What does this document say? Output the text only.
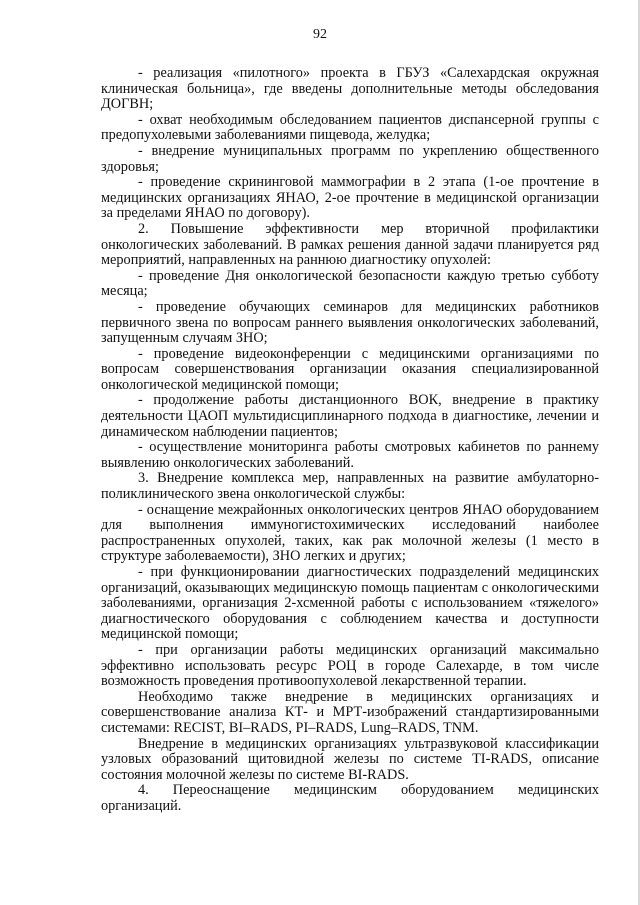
92

- реализация «пилотного» проекта в ГБУЗ «Салехардская окружная клиническая больница», где введены дополнительные методы обследования ДОГВН;

- охват необходимым обследованием пациентов диспансерной группы с предопухолевыми заболеваниями пищевода, желудка;

- внедрение муниципальных программ по укреплению общественного здоровья;

- проведение скрининговой маммографии в 2 этапа (1-ое прочтение в медицинских организациях ЯНАО, 2-ое прочтение в медицинской организации за пределами ЯНАО по договору).

2. Повышение эффективности мер вторичной профилактики онкологических заболеваний. В рамках решения данной задачи планируется ряд мероприятий, направленных на раннюю диагностику опухолей:

- проведение Дня онкологической безопасности каждую третью субботу месяца;

- проведение обучающих семинаров для медицинских работников первичного звена по вопросам раннего выявления онкологических заболеваний, запущенным случаям ЗНО;

- проведение видеоконференции с медицинскими организациями по вопросам совершенствования организации оказания специализированной онкологической медицинской помощи;

- продолжение работы дистанционного ВОК, внедрение в практику деятельности ЦАОП мультидисциплинарного подхода в диагностике, лечении и динамическом наблюдении пациентов;

- осуществление мониторинга работы смотровых кабинетов по раннему выявлению онкологических заболеваний.

3. Внедрение комплекса мер, направленных на развитие амбулаторно-поликлинического звена онкологической службы:

- оснащение межрайонных онкологических центров ЯНАО оборудованием для выполнения иммуногистохимических исследований наиболее распространенных опухолей, таких, как рак молочной железы (1 место в структуре заболеваемости), ЗНО легких и других;

- при функционировании диагностических подразделений медицинских организаций, оказывающих медицинскую помощь пациентам с онкологическими заболеваниями, организация 2-хсменной работы с использованием «тяжелого» диагностического оборудования с соблюдением качества и доступности медицинской помощи;

- при организации работы медицинских организаций максимально эффективно использовать ресурс РОЦ в городе Салехарде, в том числе возможность проведения противоопухолевой лекарственной терапии.

Необходимо также внедрение в медицинских организациях и совершенствование анализа КТ- и МРТ-изображений стандартизированными системами: RECIST, BI–RADS, PI–RADS, Lung–RADS, TNM.

Внедрение в медицинских организациях ультразвуковой классификации узловых образований щитовидной железы по системе TI-RADS, описание состояния молочной железы по системе BI-RADS.

4. Переоснащение медицинским оборудованием медицинских организаций.
